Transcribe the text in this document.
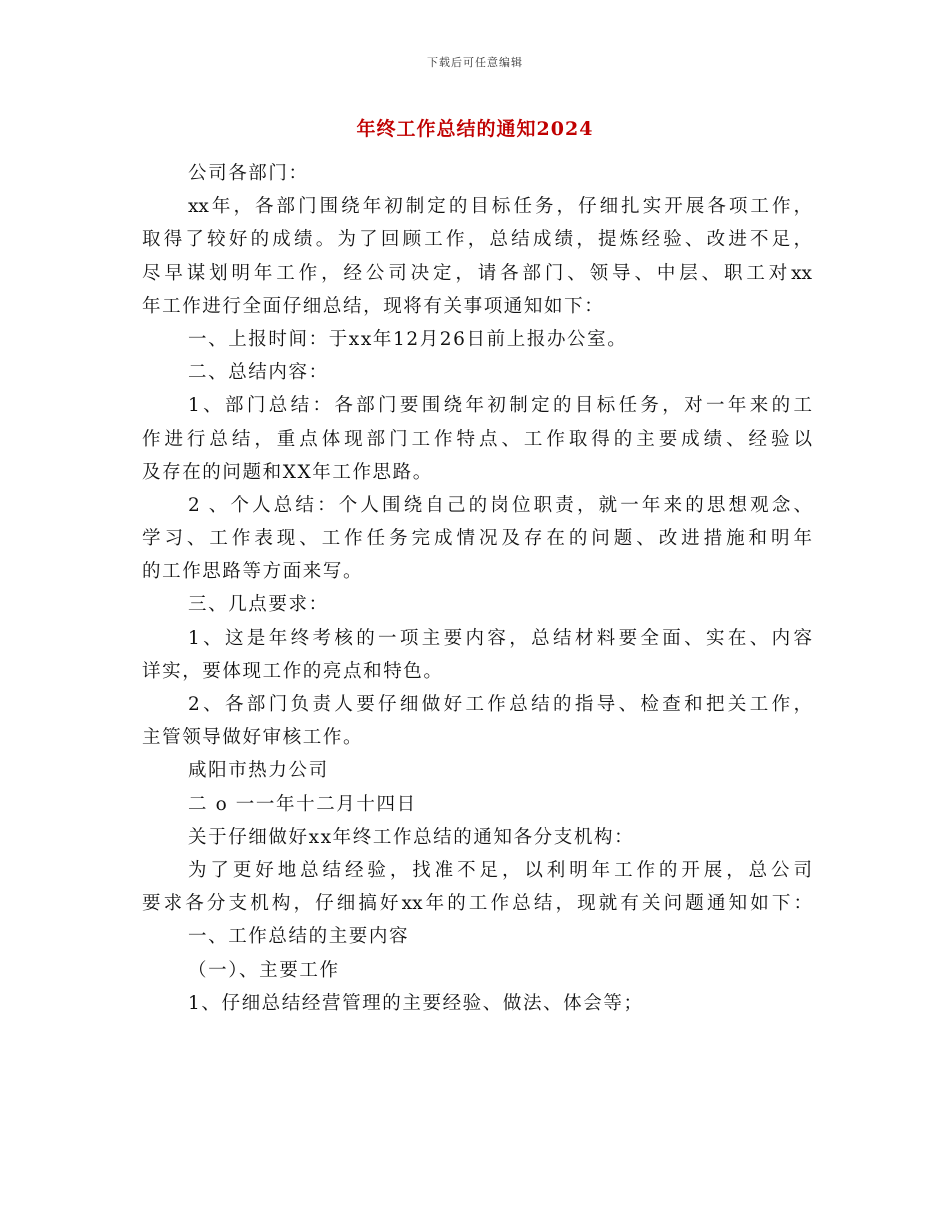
下载后可任意编辑
年终工作总结的通知2024
公司各部门：
xx年，各部门围绕年初制定的目标任务，仔细扎实开展各项工作，
取得了较好的成绩。为了回顾工作，总结成绩，提炼经验、改进不足，
尽早谋划明年工作，经公司决定，请各部门、领导、中层、职工对xx
年工作进行全面仔细总结，现将有关事项通知如下：
一、上报时间：于xx年12月26日前上报办公室。
二、总结内容：
1、部门总结：各部门要围绕年初制定的目标任务，对一年来的工
作进行总结，重点体现部门工作特点、工作取得的主要成绩、经验以
及存在的问题和XX年工作思路。
2 、个人总结：个人围绕自己的岗位职责，就一年来的思想观念、
学习、工作表现、工作任务完成情况及存在的问题、改进措施和明年
的工作思路等方面来写。
三、几点要求：
1、这是年终考核的一项主要内容，总结材料要全面、实在、内容
详实，要体现工作的亮点和特色。
2、各部门负责人要仔细做好工作总结的指导、检查和把关工作，
主管领导做好审核工作。
咸阳市热力公司
二 o 一一年十二月十四日
关于仔细做好xx年终工作总结的通知各分支机构：
为了更好地总结经验，找准不足，以利明年工作的开展，总公司
要求各分支机构，仔细搞好xx年的工作总结，现就有关问题通知如下：
一、工作总结的主要内容
（一）、主要工作
1、仔细总结经营管理的主要经验、做法、体会等；
